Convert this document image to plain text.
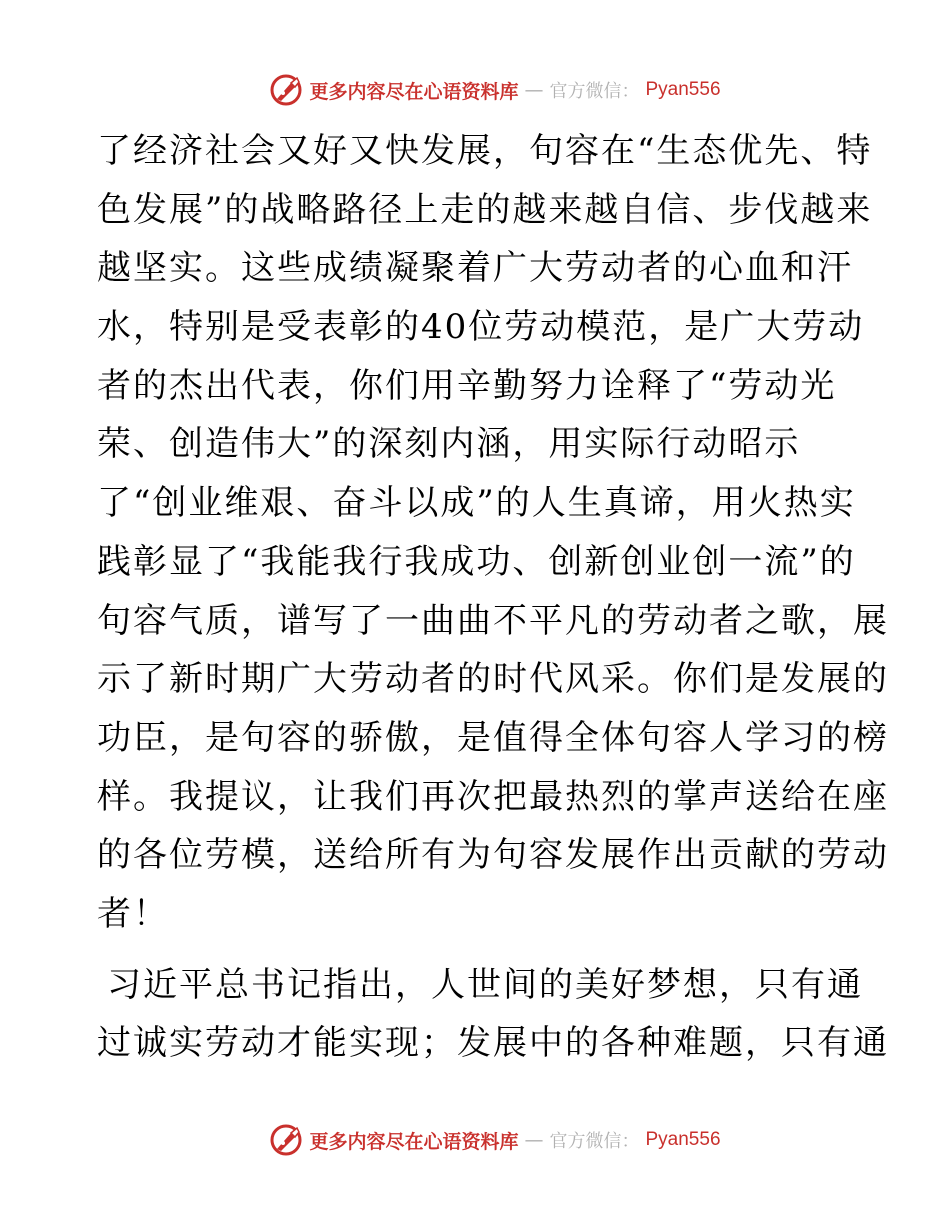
更多内容尽在心语资料库 — 官方微信： Pyan556
了经济社会又好又快发展，句容在“生态优先、特
色发展”的战略路径上走的越来越自信、步伐越来
越坚实。这些成绩凝聚着广大劳动者的心血和汗
水，特别是受表彰的40位劳动模范，是广大劳动
者的杰出代表，你们用辛勤努力诠释了“劳动光
荣、创造伟大”的深刻内涵，用实际行动昭示
了“创业维艰、奋斗以成”的人生真谛，用火热实
践彰显了“我能我行我成功、创新创业创一流”的
句容气质，谱写了一曲曲不平凡的劳动者之歌，展
示了新时期广大劳动者的时代风采。你们是发展的
功臣，是句容的骄傲，是值得全体句容人学习的榜
样。我提议，让我们再次把最热烈的掌声送给在座
的各位劳模，送给所有为句容发展作出贡献的劳动
者！
习近平总书记指出，人世间的美好梦想，只有通
过诚实劳动才能实现；发展中的各种难题，只有通
更多内容尽在心语资料库 — 官方微信： Pyan556
